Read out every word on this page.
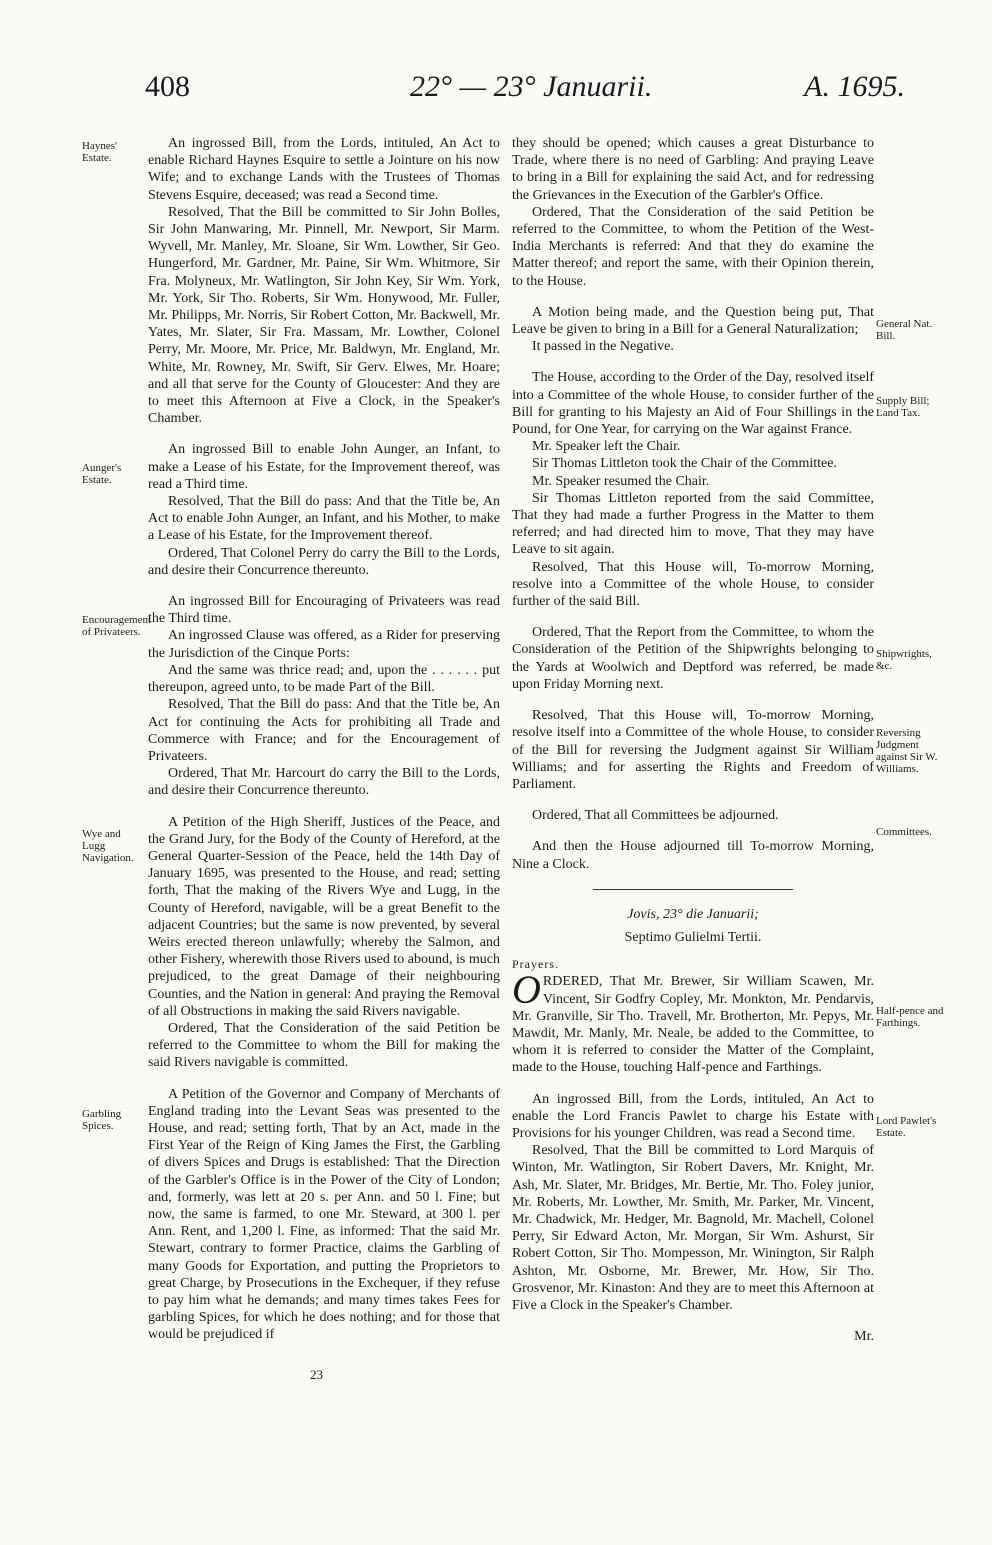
408	22° — 23° Januarii.	A. 1695.
Haynes' Estate.
Aunger's Estate.
Encouragement of Privateers.
Wye and Lugg Navigation.
Garbling Spices.
General Nat. Bill.
Supply Bill; Land Tax.
Shipwrights, &c.
Reversing Judgment against Sir W. Williams.
Committees.
Half-pence and Farthings.
Lord Pawlet's Estate.

An ingrossed Bill, from the Lords, intituled, An Act to enable Richard Haynes Esquire to settle a Jointure on his now Wife; and to exchange Lands with the Trustees of Thomas Stevens Esquire, deceased; was read a Second time.

Resolved, That the Bill be committed to Sir John Bolles, Sir John Manwaring, Mr. Pinnell, Mr. Newport, Sir Marm. Wyvell, Mr. Manley, Mr. Sloane, Sir Wm. Lowther, Sir Geo. Hungerford, Mr. Gardner, Mr. Paine, Sir Wm. Whitmore, Sir Fra. Molyneux, Mr. Watlington, Sir John Key, Sir Wm. York, Mr. York, Sir Tho. Roberts, Sir Wm. Honywood, Mr. Fuller, Mr. Philipps, Mr. Norris, Sir Robert Cotton, Mr. Backwell, Mr. Yates, Mr. Slater, Sir Fra. Massam, Mr. Lowther, Colonel Perry, Mr. Moore, Mr. Price, Mr. Baldwyn, Mr. England, Mr. White, Mr. Rowney, Mr. Swift, Sir Gerv. Elwes, Mr. Hoare; and all that serve for the County of Gloucester: And they are to meet this Afternoon at Five a Clock, in the Speaker's Chamber.

An ingrossed Bill to enable John Aunger, an Infant, to make a Lease of his Estate, for the Improvement thereof, was read a Third time.

Resolved, That the Bill do pass: And that the Title be, An Act to enable John Aunger, an Infant, and his Mother, to make a Lease of his Estate, for the Improvement thereof.

Ordered, That Colonel Perry do carry the Bill to the Lords, and desire their Concurrence thereunto.

An ingrossed Bill for Encouraging of Privateers was read the Third time.

An ingrossed Clause was offered, as a Rider for preserving the Jurisdiction of the Cinque Ports:

And the same was thrice read; and, upon the . . . . . . put thereupon, agreed unto, to be made Part of the Bill.

Resolved, That the Bill do pass: And that the Title be, An Act for continuing the Acts for prohibiting all Trade and Commerce with France; and for the Encouragement of Privateers.

Ordered, That Mr. Harcourt do carry the Bill to the Lords, and desire their Concurrence thereunto.

A Petition of the High Sheriff, Justices of the Peace, and the Grand Jury, for the Body of the County of Hereford, at the General Quarter-Session of the Peace, held the 14th Day of January 1695, was presented to the House, and read; setting forth, That the making of the Rivers Wye and Lugg, in the County of Hereford, navigable, will be a great Benefit to the adjacent Countries; but the same is now prevented, by several Weirs erected thereon unlawfully; whereby the Salmon, and other Fishery, wherewith those Rivers used to abound, is much prejudiced, to the great Damage of their neighbouring Counties, and the Nation in general: And praying the Removal of all Obstructions in making the said Rivers navigable.

Ordered, That the Consideration of the said Petition be referred to the Committee to whom the Bill for making the said Rivers navigable is committed.

A Petition of the Governor and Company of Merchants of England trading into the Levant Seas was presented to the House, and read; setting forth, That by an Act, made in the First Year of the Reign of King James the First, the Garbling of divers Spices and Drugs is established: That the Direction of the Garbler's Office is in the Power of the City of London; and, formerly, was lett at 20 s. per Ann. and 50 l. Fine; but now, the same is farmed, to one Mr. Steward, at 300 l. per Ann. Rent, and 1,200 l. Fine, as informed: That the said Mr. Stewart, contrary to former Practice, claims the Garbling of many Goods for Exportation, and putting the Proprietors to great Charge, by Prosecutions in the Exchequer, if they refuse to pay him what he demands; and many times takes Fees for garbling Spices, for which he does nothing; and for those that would be prejudiced if

23

they should be opened; which causes a great Disturbance to Trade, where there is no need of Garbling: And praying Leave to bring in a Bill for explaining the said Act, and for redressing the Grievances in the Execution of the Garbler's Office.

Ordered, That the Consideration of the said Petition be referred to the Committee, to whom the Petition of the West-India Merchants is referred: And that they do examine the Matter thereof; and report the same, with their Opinion therein, to the House.

A Motion being made, and the Question being put, That Leave be given to bring in a Bill for a General Naturalization;

It passed in the Negative.

The House, according to the Order of the Day, resolved itself into a Committee of the whole House, to consider further of the Bill for granting to his Majesty an Aid of Four Shillings in the Pound, for One Year, for carrying on the War against France.

Mr. Speaker left the Chair.

Sir Thomas Littleton took the Chair of the Committee.

Mr. Speaker resumed the Chair.

Sir Thomas Littleton reported from the said Committee, That they had made a further Progress in the Matter to them referred; and had directed him to move, That they may have Leave to sit again.

Resolved, That this House will, To-morrow Morning, resolve into a Committee of the whole House, to consider further of the said Bill.

Ordered, That the Report from the Committee, to whom the Consideration of the Petition of the Shipwrights belonging to the Yards at Woolwich and Deptford was referred, be made upon Friday Morning next.

Resolved, That this House will, To-morrow Morning, resolve itself into a Committee of the whole House, to consider of the Bill for reversing the Judgment against Sir William Williams; and for asserting the Rights and Freedom of Parliament.

Ordered, That all Committees be adjourned.

And then the House adjourned till To-morrow Morning, Nine a Clock.

Jovis, 23° die Januarii;

Septimo Gulielmi Tertii.

Prayers.

ORDERED, That Mr. Brewer, Sir William Scawen, Mr. Vincent, Sir Godfry Copley, Mr. Monkton, Mr. Pendarvis, Mr. Granville, Sir Tho. Travell, Mr. Brotherton, Mr. Pepys, Mr. Mawdit, Mr. Manly, Mr. Neale, be added to the Committee, to whom it is referred to consider the Matter of the Complaint, made to the House, touching Half-pence and Farthings.

An ingrossed Bill, from the Lords, intituled, An Act to enable the Lord Francis Pawlet to charge his Estate with Provisions for his younger Children, was read a Second time.

Resolved, That the Bill be committed to Lord Marquis of Winton, Mr. Watlington, Sir Robert Davers, Mr. Knight, Mr. Ash, Mr. Slater, Mr. Bridges, Mr. Bertie, Mr. Tho. Foley junior, Mr. Roberts, Mr. Lowther, Mr. Smith, Mr. Parker, Mr. Vincent, Mr. Chadwick, Mr. Hedger, Mr. Bagnold, Mr. Machell, Colonel Perry, Sir Edward Acton, Mr. Morgan, Sir Wm. Ashurst, Sir Robert Cotton, Sir Tho. Mompesson, Mr. Winington, Sir Ralph Ashton, Mr. Osborne, Mr. Brewer, Mr. How, Sir Tho. Grosvenor, Mr. Kinaston: And they are to meet this Afternoon at Five a Clock in the Speaker's Chamber.

Mr.
